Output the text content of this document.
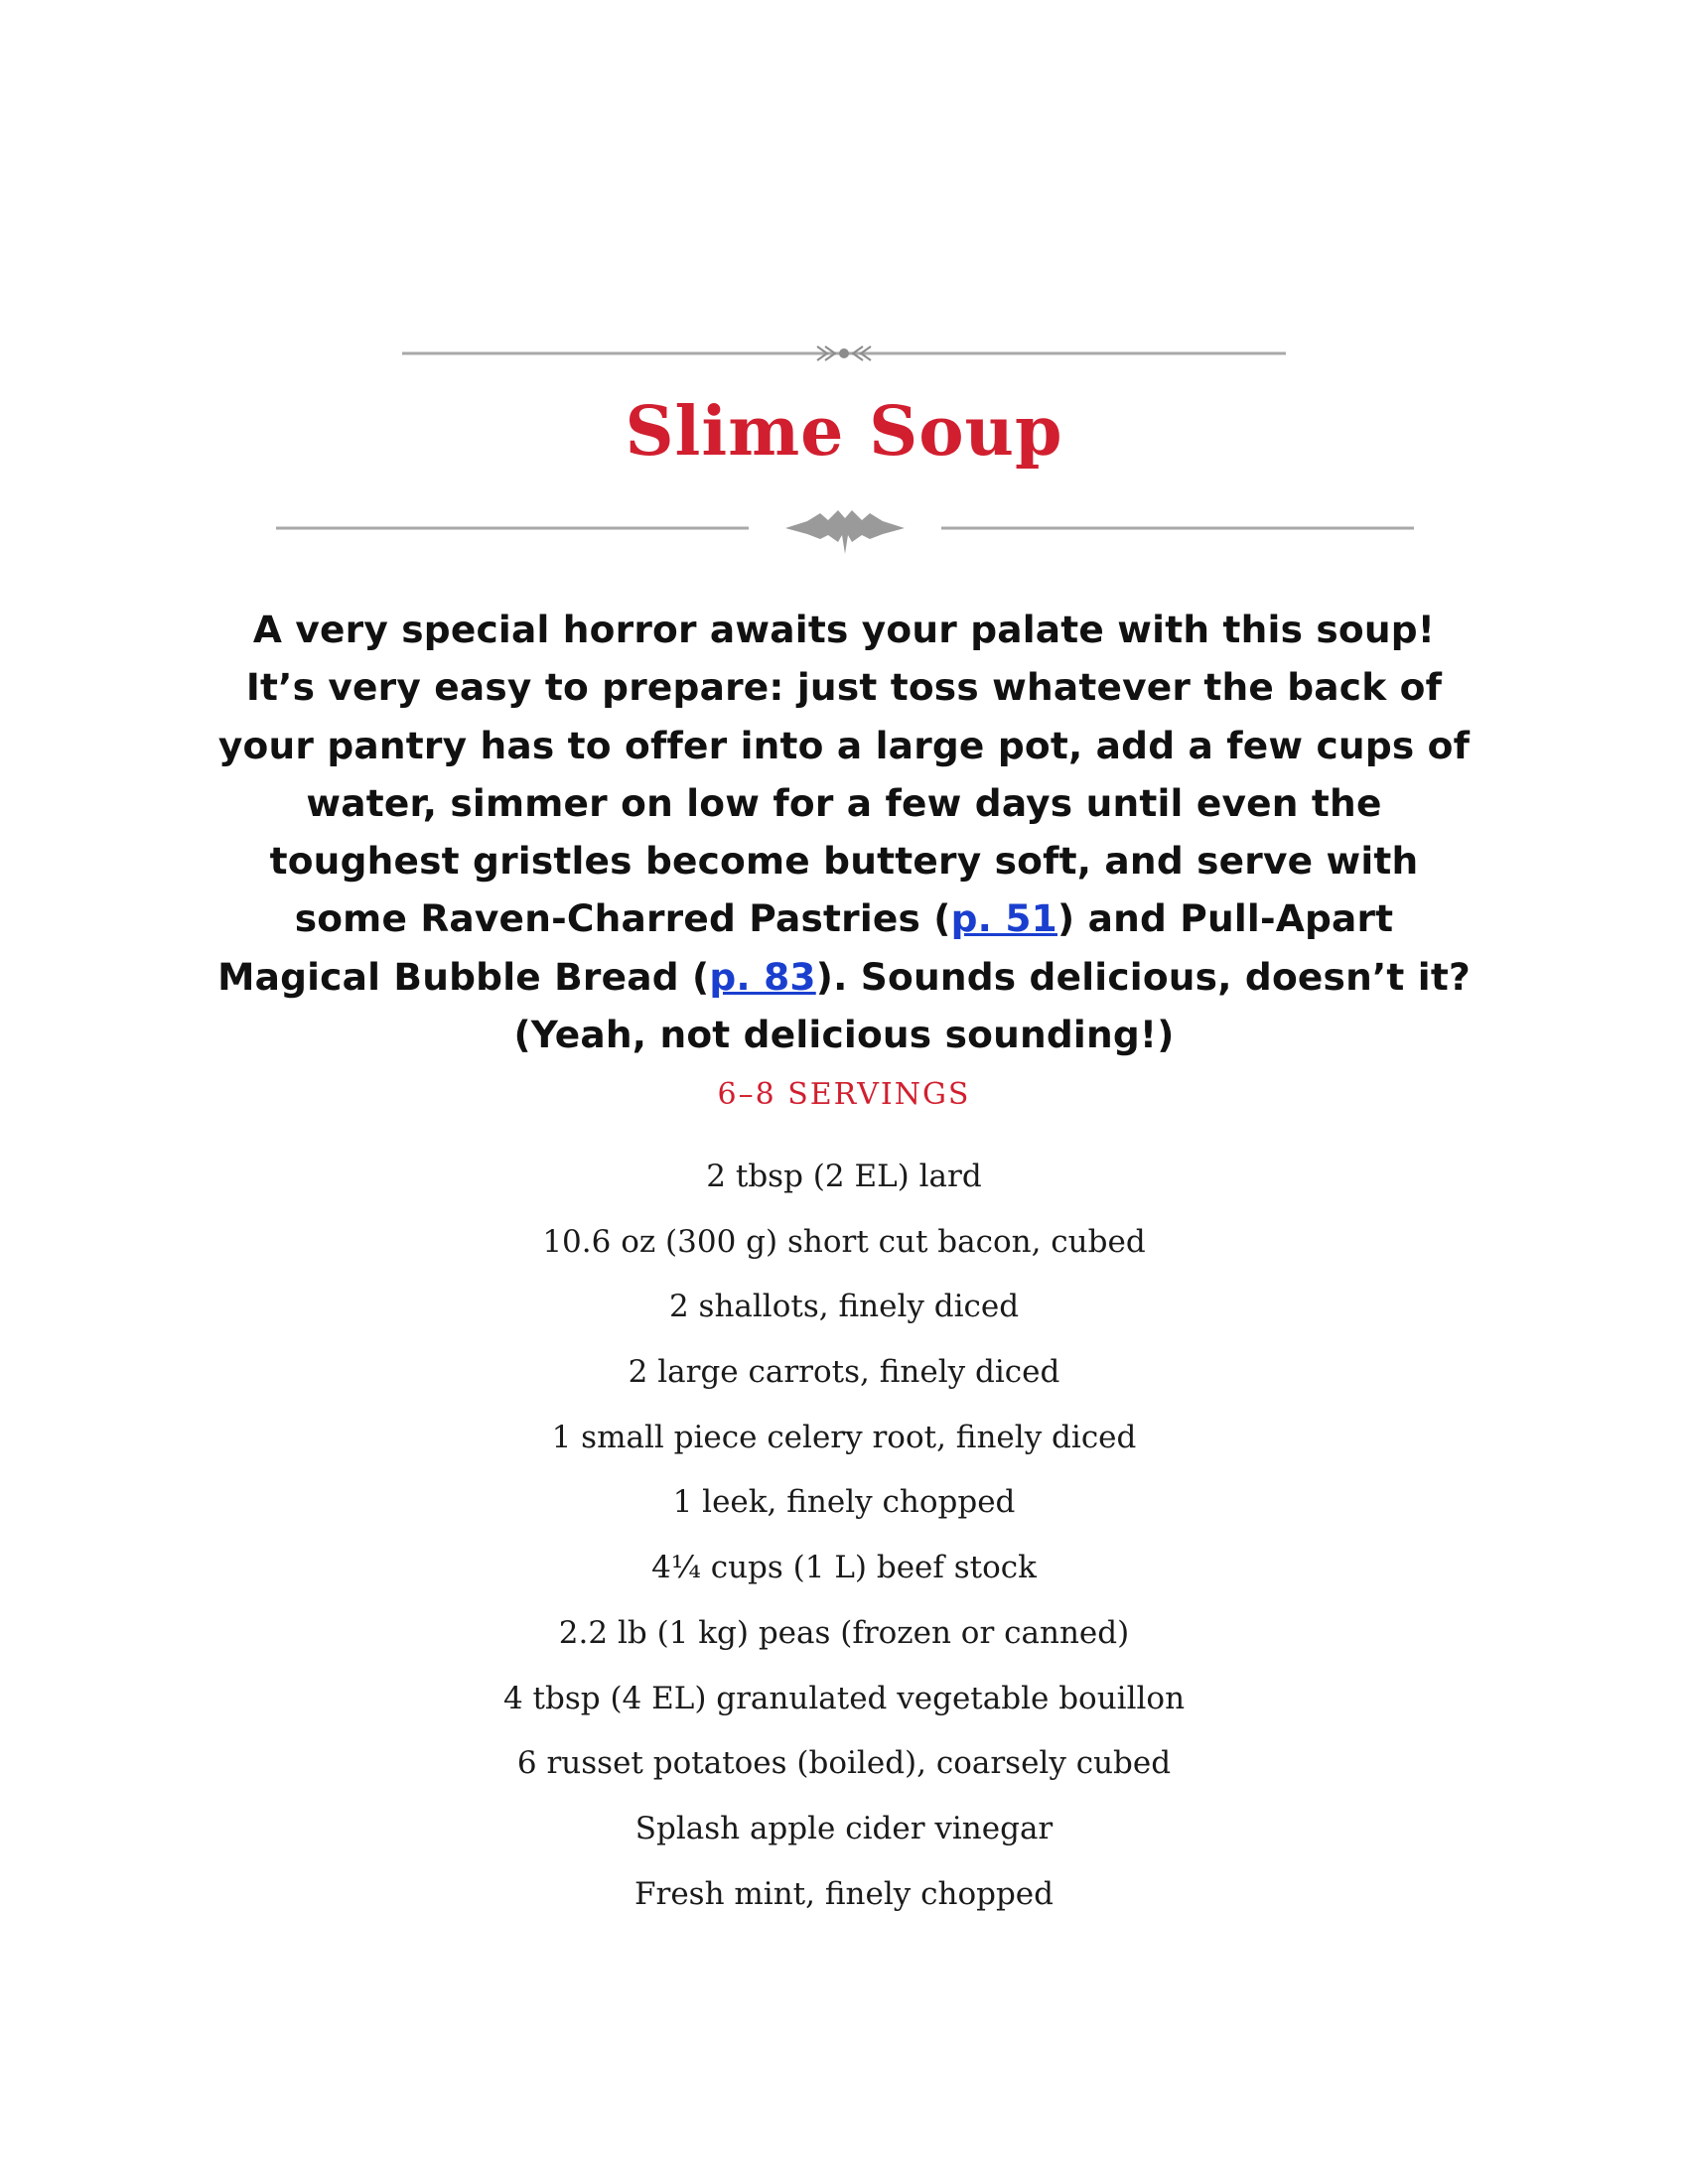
Slime Soup
A very special horror awaits your palate with this soup! It’s very easy to prepare: just toss whatever the back of your pantry has to offer into a large pot, add a few cups of water, simmer on low for a few days until even the toughest gristles become buttery soft, and serve with some Raven-Charred Pastries (p. 51) and Pull-Apart Magical Bubble Bread (p. 83). Sounds delicious, doesn’t it? (Yeah, not delicious sounding!)
6–8 SERVINGS
2 tbsp (2 EL) lard
10.6 oz (300 g) short cut bacon, cubed
2 shallots, finely diced
2 large carrots, finely diced
1 small piece celery root, finely diced
1 leek, finely chopped
4¼ cups (1 L) beef stock
2.2 lb (1 kg) peas (frozen or canned)
4 tbsp (4 EL) granulated vegetable bouillon
6 russet potatoes (boiled), coarsely cubed
Splash apple cider vinegar
Fresh mint, finely chopped
